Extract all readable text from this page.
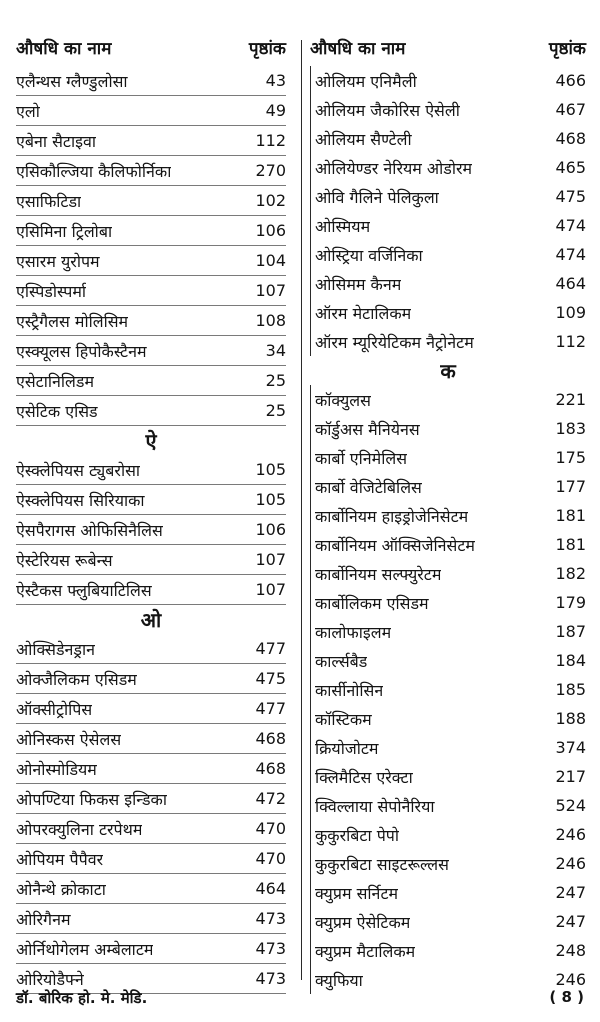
औषधि का नाम	पृष्ठांक
एलैन्थस ग्लैण्डुलोसा	43
एलो	49
एबेना सैटाइवा	112
एसिकौल्जिया कैलिफोर्निका	270
एसाफिटिडा	102
एसिमिना ट्रिलोबा	106
एसारम युरोपम	104
एस्पिडोस्पर्मा	107
एस्ट्रैगैलस मोलिसिम	108
एस्क्यूलस हिपोकैस्टैनम	34
एसेटानिलिडम	25
एसेटिक एसिड	25
ऐ
ऐस्क्लेपियस ट्युबरोसा	105
ऐस्क्लेपियस सिरियाका	105
ऐसपैरागस ओफिसिनैलिस	106
ऐस्टेरियस रूबेन्स	107
ऐस्टैकस फ्लुबियाटिलिस	107
ओ
ओक्सिडेनड्रान	477
ओक्जैलिकम एसिडम	475
ऑक्सीट्रोपिस	477
ओनिस्कस ऐसेलस	468
ओनोस्मोडियम	468
ओपण्टिया फिकस इन्डिका	472
ओपरक्युलिना टरपेथम	470
ओपियम पैपैवर	470
ओनैन्थे क्रोकाटा	464
ओरिगैनम	473
ओर्निथोगेलम अम्बेलाटम	473
ओरियोडैफ्ने	473
औषधि का नाम	पृष्ठांक
ओलियम एनिमैली	466
ओलियम जैकोरिस ऐसेली	467
ओलियम सैण्टेली	468
ओलियेण्डर नेरियम ओडोरम	465
ओवि गैलिने पेलिकुला	475
ओस्मियम	474
ओस्ट्रिया वर्जिनिका	474
ओसिमम कैनम	464
ऑरम मेटालिकम	109
ऑरम म्यूरियेटिकम नैट्रोनेटम	112
क
कॉक्युलस	221
कॉर्डुअस मैनियेनस	183
कार्बो एनिमेलिस	175
कार्बो वेजिटेबिलिस	177
कार्बोनियम हाइड्रोजेनिसेटम	181
कार्बोनियम ऑक्सिजेनिसेटम	181
कार्बोनियम सल्फ्युरेटम	182
कार्बोलिकम एसिडम	179
कालोफाइलम	187
कार्ल्सबैड	184
कार्सीनोसिन	185
कॉस्टिकम	188
क्रियोजोटम	374
क्लिमैटिस एरेक्टा	217
क्विल्लाया सेपोनैरिया	524
कुकुरबिटा पेपो	246
कुकुरबिटा साइटरूल्लस	246
क्युप्रम सर्निटम	247
क्युप्रम ऐसेटिकम	247
क्युप्रम मैटालिकम	248
क्युफिया	246
डॉ. बोरिक हो. मे. मेडि.	( 8 )
